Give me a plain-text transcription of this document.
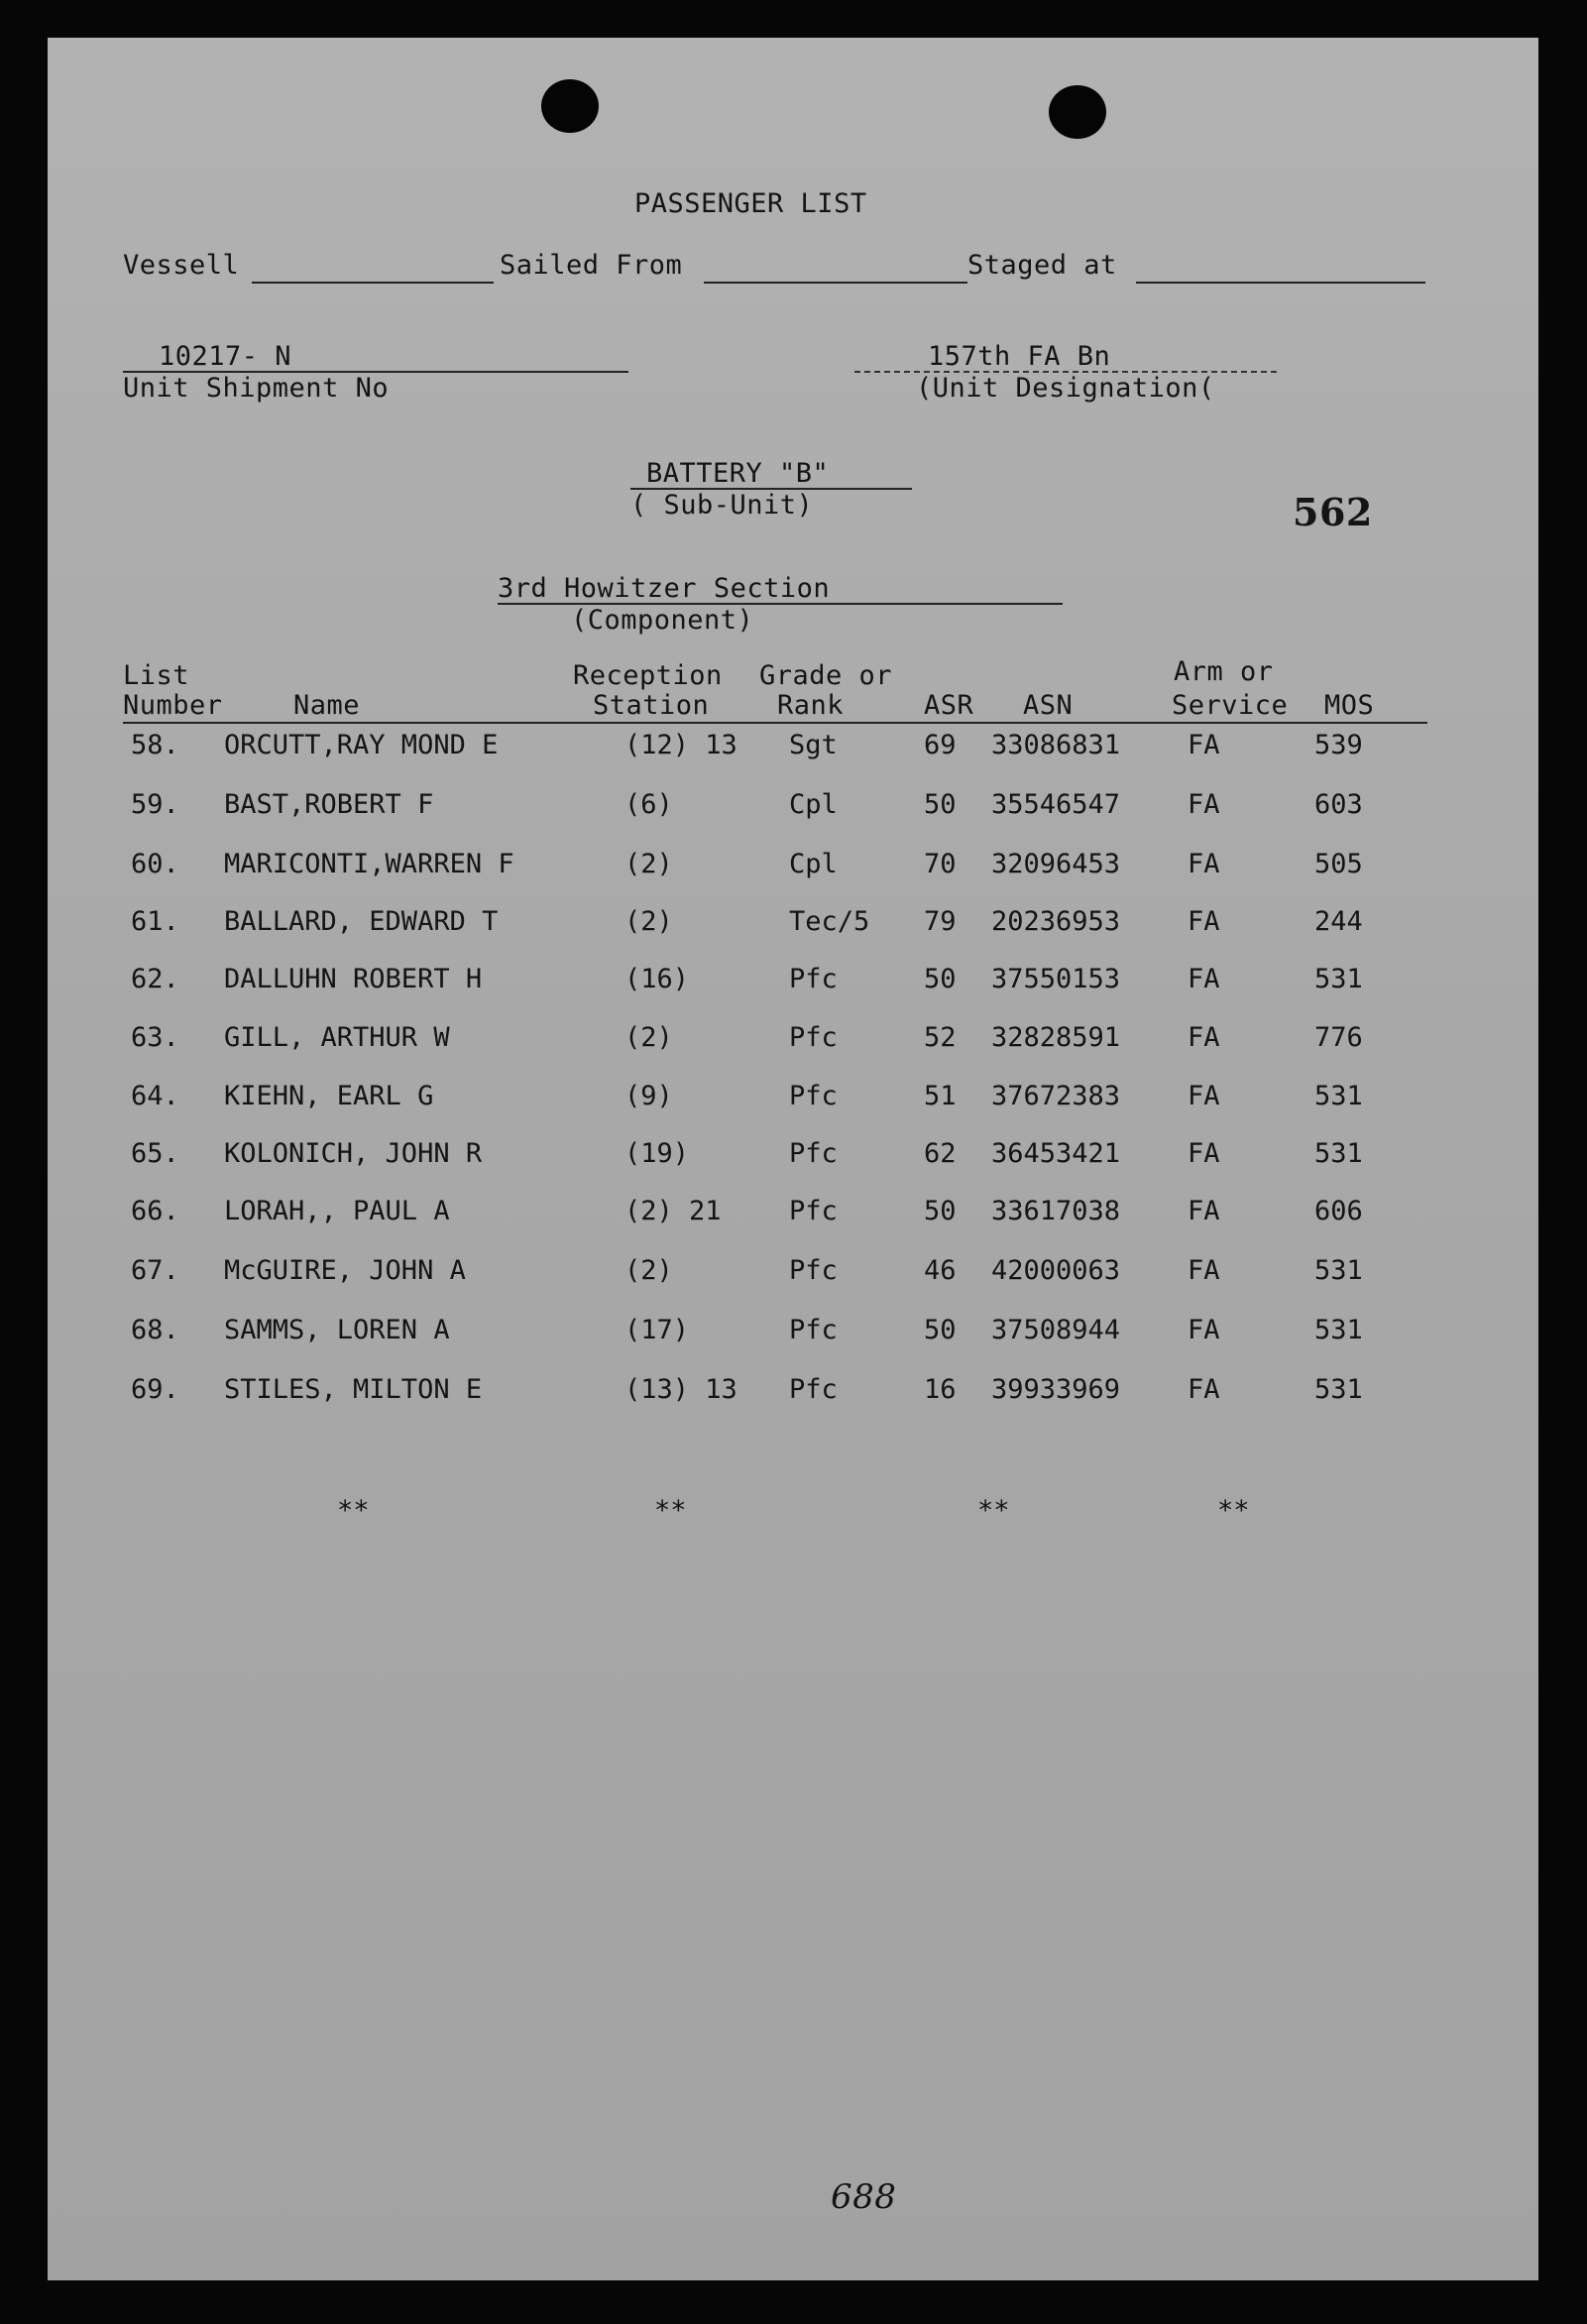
PASSENGER LIST
Vessell	Sailed From	Staged at
10217- N
Unit Shipment No
157th FA Bn
(Unit Designation(
BATTERY "B"
( Sub-Unit)	562
3rd Howitzer Section
(Component)
List
Number	Name
Reception
Station
Grade or
Rank	ASR ASN
Arm or
Service MOS
58. ORCUTT,RAY MOND E	(12) 13 Sgt	69 33086831	FA	539
59. BAST,ROBERT F	(6)	Cpl	50 35546547	FA	603
60. MARICONTI,WARREN F	(2)	Cpl	70 32096453	FA	505
61. BALLARD, EDWARD T	(2)	Tec/5 79 20236953	FA	244
62. DALLUHN ROBERT H	(16)	Pfc	50 37550153	FA	531
63. GILL, ARTHUR W	(2)	Pfc	52 32828591	FA	776
64. KIEHN, EARL G	(9)	Pfc	51 37672383	FA	531
65. KOLONICH, JOHN R	(19)	Pfc	62 36453421	FA	531
66. LORAH,, PAUL A	(2) 21	Pfc	50 33617038	FA	606
67. McGUIRE, JOHN A	(2)	Pfc	46 42000063	FA	531
68. SAMMS, LOREN A	(17)	Pfc	50 37508944	FA	531
69. STILES, MILTON E	(13) 13 Pfc	16 39933969	FA	531
**	**	**	**
688
